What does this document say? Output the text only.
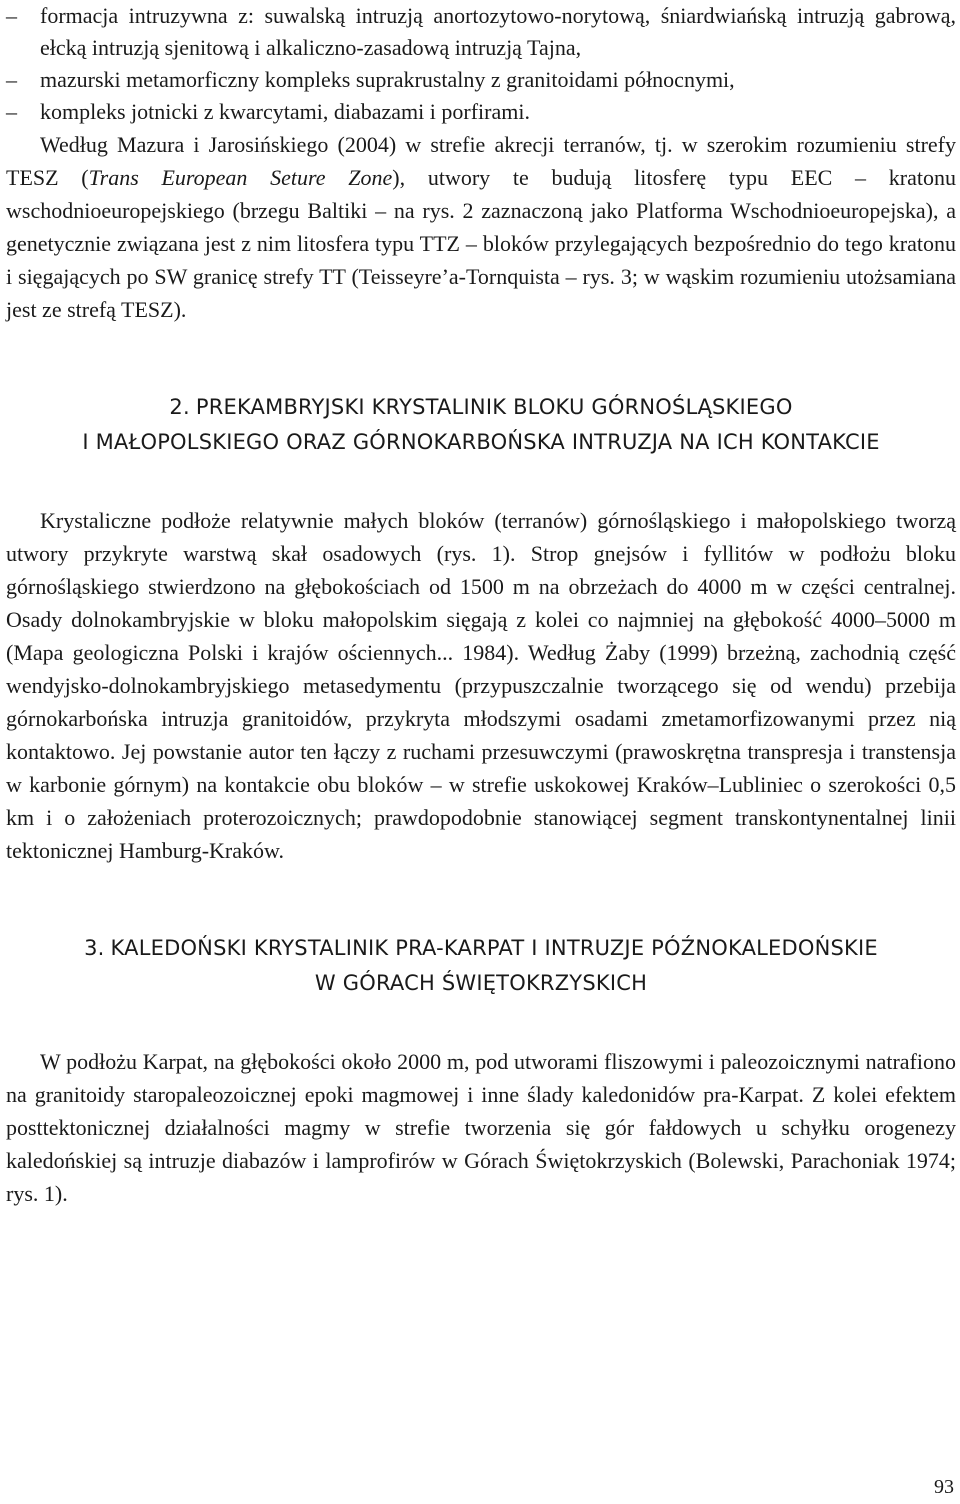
– formacja intruzywna z: suwalską intruzją anortozytowo-norytową, śniardwiańską intruzją gabrową, ełcką intruzją sjenitową i alkaliczno-zasadową intruzją Tajna,
– mazurski metamorficzny kompleks suprakrustalny z granitoidami północnymi,
– kompleks jotnicki z kwarcytami, diabazami i porfirami.

Według Mazura i Jarosińskiego (2004) w strefie akrecji terranów, tj. w szerokim rozumieniu strefy TESZ (Trans European Seture Zone), utwory te budują litosferę typu EEC – kratonu wschodnioeuropejskiego (brzegu Baltiki – na rys. 2 zaznaczoną jako Platforma Wschodnioeuropejska), a genetycznie związana jest z nim litosfera typu TTZ – bloków przylegających bezpośrednio do tego kratonu i sięgających po SW granicę strefy TT (Teisseyre’a-Tornquista – rys. 3; w wąskim rozumieniu utożsamiana jest ze strefą TESZ).

2. PREKAMBRYJSKI KRYSTALINIK BLOKU GÓRNOŚLĄSKIEGO

I MAŁOPOLSKIEGO ORAZ GÓRNOKARBOŃSKA INTRUZJA NA ICH KONTAKCIE

Krystaliczne podłoże relatywnie małych bloków (terranów) górnośląskiego i małopolskiego tworzą utwory przykryte warstwą skał osadowych (rys. 1). Strop gnejsów i fyllitów w podłożu bloku górnośląskiego stwierdzono na głębokościach od 1500 m na obrzeżach do 4000 m w części centralnej. Osady dolnokambryjskie w bloku małopolskim sięgają z kolei co najmniej na głębokość 4000–5000 m (Mapa geologiczna Polski i krajów ościennych... 1984). Według Żaby (1999) brzeżną, zachodnią część wendyjsko-dolnokambryjskiego metasedymentu (przypuszczalnie tworzącego się od wendu) przebija górnokarbońska intruzja granitoidów, przykryta młodszymi osadami zmetamorfizowanymi przez nią kontaktowo. Jej powstanie autor ten łączy z ruchami przesuwczymi (prawoskrętna transpresja i transtensja w karbonie górnym) na kontakcie obu bloków – w strefie uskokowej Kraków–Lubliniec o szerokości 0,5 km i o założeniach proterozoicznych; prawdopodobnie stanowiącej segment transkontynentalnej linii tektonicznej Hamburg-Kraków.

3. KALEDOŃSKI KRYSTALINIK PRA-KARPAT I INTRUZJE PÓŹNOKALEDOŃSKIE

W GÓRACH ŚWIĘTOKRZYSKICH

W podłożu Karpat, na głębokości około 2000 m, pod utworami fliszowymi i paleozoicznymi natrafiono na granitoidy staropaleozoicznej epoki magmowej i inne ślady kaledonidów pra-Karpat. Z kolei efektem posttektonicznej działalności magmy w strefie tworzenia się gór fałdowych u schyłku orogenezy kaledońskiej są intruzje diabazów i lamprofirów w Górach Świętokrzyskich (Bolewski, Parachoniak 1974; rys. 1).

93
